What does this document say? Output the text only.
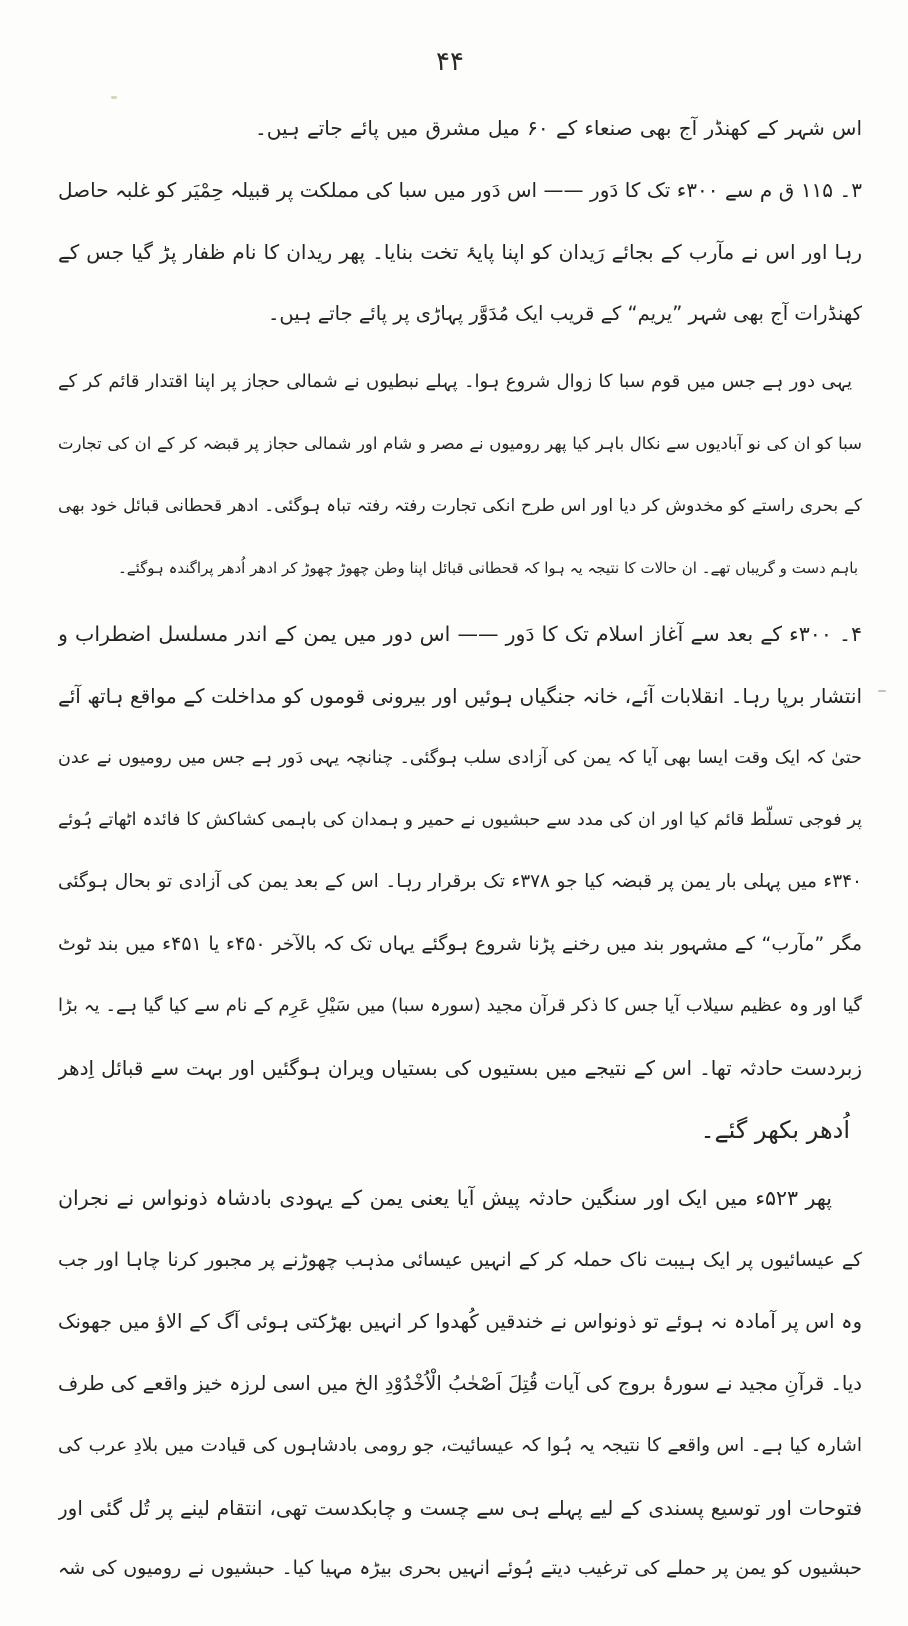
۴۴
اس شہر کے کھنڈر آج بھی صنعاء کے ۶۰ میل مشرق میں پائے جاتے ہیں۔
۳۔ ۱۱۵ ق م سے ۳۰۰ء تک کا دَور —— اس دَور میں سبا کی مملکت پر قبیلہ حِمْیَر کو غلبہ حاصل
رہا اور اس نے مآرب کے بجائے رَیدان کو اپنا پایۂ تخت بنایا۔ پھر ریدان کا نام ظفار پڑ گیا جس کے
کھنڈرات آج بھی شہر ”یریم“ کے قریب ایک مُدَوَّر پہاڑی پر پائے جاتے ہیں۔
یہی دور ہے جس میں قوم سبا کا زوال شروع ہوا۔ پہلے نبطیوں نے شمالی حجاز پر اپنا اقتدار قائم کر کے
سبا کو ان کی نو آبادیوں سے نکال باہر کیا پھر رومیوں نے مصر و شام اور شمالی حجاز پر قبضہ کر کے ان کی تجارت
کے بحری راستے کو مخدوش کر دیا اور اس طرح انکی تجارت رفتہ رفتہ تباہ ہوگئی۔ ادھر قحطانی قبائل خود بھی
باہم دست و گریباں تھے۔ ان حالات کا نتیجہ یہ ہوا کہ قحطانی قبائل اپنا وطن چھوڑ چھوڑ کر ادھر اُدھر پراگندہ ہوگئے۔
۴۔ ۳۰۰ء کے بعد سے آغاز اسلام تک کا دَور —— اس دور میں یمن کے اندر مسلسل اضطراب و
انتشار برپا رہا۔ انقلابات آئے، خانہ جنگیاں ہوئیں اور بیرونی قوموں کو مداخلت کے مواقع ہاتھ آئے
حتیٰ کہ ایک وقت ایسا بھی آیا کہ یمن کی آزادی سلب ہوگئی۔ چنانچہ یہی دَور ہے جس میں رومیوں نے عدن
پر فوجی تسلّط قائم کیا اور ان کی مدد سے حبشیوں نے حمیر و ہمدان کی باہمی کشاکش کا فائدہ اٹھاتے ہُوئے
۳۴۰ء میں پہلی بار یمن پر قبضہ کیا جو ۳۷۸ء تک برقرار رہا۔ اس کے بعد یمن کی آزادی تو بحال ہوگئی
مگر ”مآرب“ کے مشہور بند میں رخنے پڑنا شروع ہوگئے یہاں تک کہ بالآخر ۴۵۰ء یا ۴۵۱ء میں بند ٹوٹ
گیا اور وہ عظیم سیلاب آیا جس کا ذکر قرآن مجید (سورہ سبا) میں سَیْلِ عَرِم کے نام سے کیا گیا ہے۔ یہ بڑا
زبردست حادثہ تھا۔ اس کے نتیجے میں بستیوں کی بستیاں ویران ہوگئیں اور بہت سے قبائل اِدھر
اُدھر بکھر گئے۔
پھر ۵۲۳ء میں ایک اور سنگین حادثہ پیش آیا یعنی یمن کے یہودی بادشاہ ذونواس نے نجران
کے عیسائیوں پر ایک ہیبت ناک حملہ کر کے انہیں عیسائی مذہب چھوڑنے پر مجبور کرنا چاہا اور جب
وہ اس پر آمادہ نہ ہوئے تو ذونواس نے خندقیں کُھدوا کر انہیں بھڑکتی ہوئی آگ کے الاؤ میں جھونک
دیا۔ قرآنِ مجید نے سورۂ بروج کی آیات قُتِلَ اَصْحٰبُ الْاُخْدُوْدِ الخ میں اسی لرزہ خیز واقعے کی طرف
اشارہ کیا ہے۔ اس واقعے کا نتیجہ یہ ہُوا کہ عیسائیت، جو رومی بادشاہوں کی قیادت میں بلادِ عرب کی
فتوحات اور توسیع پسندی کے لیے پہلے ہی سے چست و چابکدست تھی، انتقام لینے پر تُل گئی اور
حبشیوں کو یمن پر حملے کی ترغیب دیتے ہُوئے انہیں بحری بیڑہ مہیا کیا۔ حبشیوں نے رومیوں کی شہ
